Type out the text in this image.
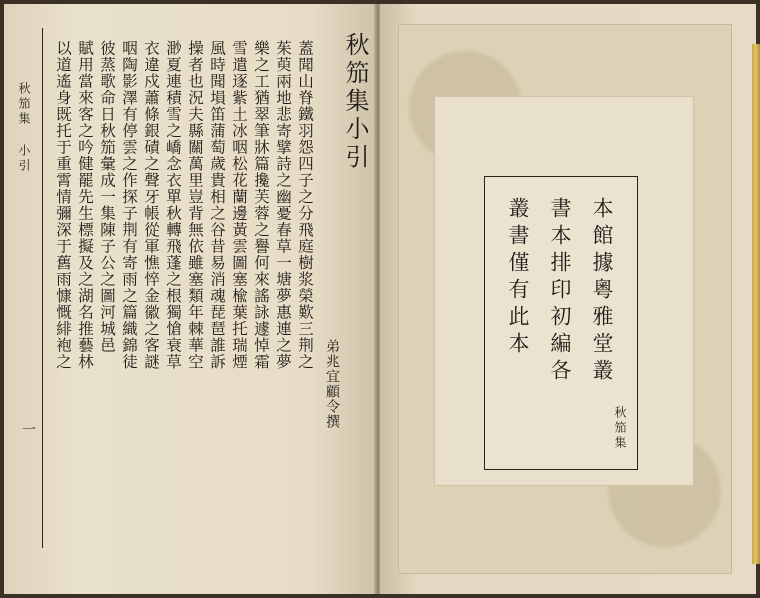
秋笳集小引
弟兆宜顧令撰
蓋聞山脊鐵羽怨四子之分飛庭樹浆榮歎三荆之
茱萸兩地悲寄擘詩之幽憂春草一塘夢惠連之夢
樂之工猶翠筆牀篇攙芙蓉之譽何來謠詠遽悼霜
雪遣逐紫土冰咽松花蘭邊黃雲圖塞楡葉托瑞煙
風時聞塤笛蒲萄歲貴相之谷昔易消魂琵琶誰訴
操者也況夫縣關萬里豈背無依雖塞類年棘華空
渺夏連積雪之嶠念衣單秋轉飛蓬之根獨愴衰草
衣違戍蕭條銀磧之聲牙帳從軍憔悴金徽之客謎
咽陶影澤有停雲之作探子荆有寄雨之篇織錦徒
彼蒸歌命日秋笳彙成一集陳子公之圖河城邑
賦用當來客之吟健罷先生標擬及之湖名推藝林
以道遙身既托于重霄情彌深于舊雨慷慨緋袍之
秋笳集 小引
一
本館據粵雅堂叢
書本排印初編各
叢書僅有此本
秋笳集
